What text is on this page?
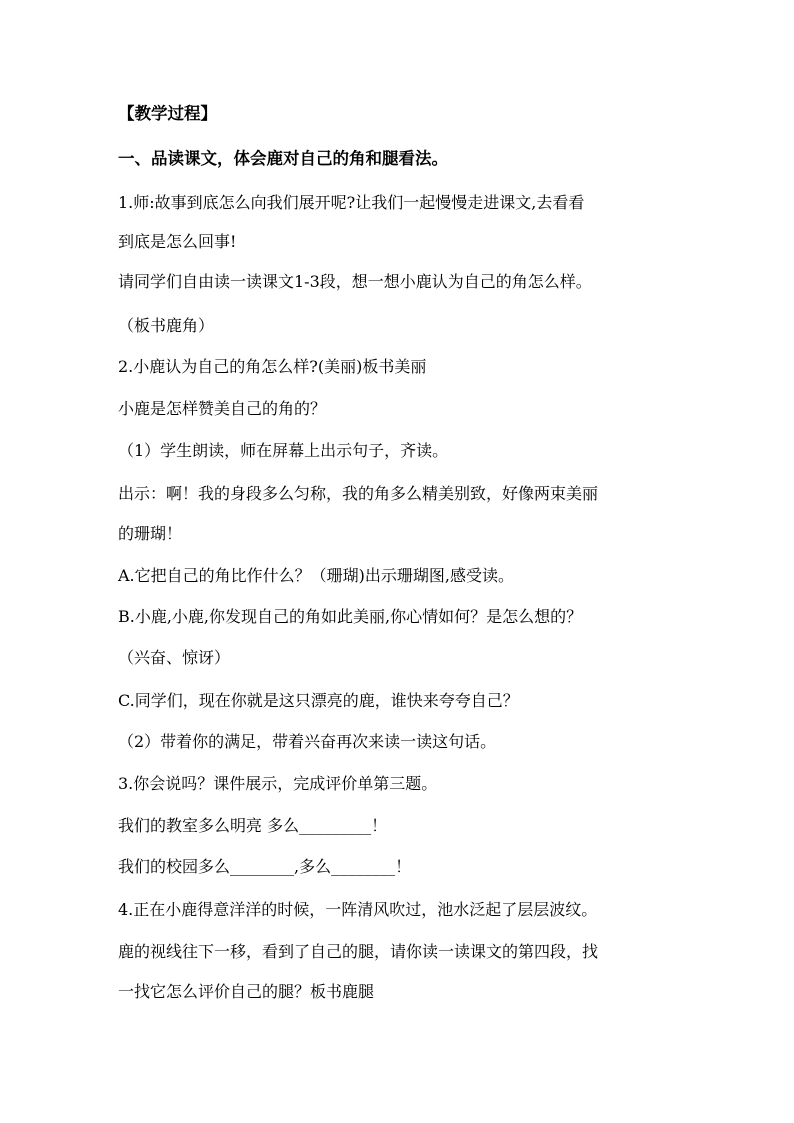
【教学过程】
一、品读课文，体会鹿对自己的角和腿看法。
1.师:故事到底怎么向我们展开呢?让我们一起慢慢走进课文,去看看
到底是怎么回事!
请同学们自由读一读课文1-3段，想一想小鹿认为自己的角怎么样。
（板书鹿角）
2.小鹿认为自己的角怎么样?(美丽)板书美丽
小鹿是怎样赞美自己的角的？
（1）学生朗读，师在屏幕上出示句子，齐读。
出示：啊！我的身段多么匀称，我的角多么精美别致，好像两束美丽
的珊瑚！
A.它把自己的角比作什么？（珊瑚)出示珊瑚图,感受读。
B.小鹿,小鹿,你发现自己的角如此美丽,你心情如何？是怎么想的？
（兴奋、惊讶）
C.同学们，现在你就是这只漂亮的鹿，谁快来夸夸自己？
（2）带着你的满足，带着兴奋再次来读一读这句话。
3.你会说吗？课件展示，完成评价单第三题。
我们的教室多么明亮 多么_________！
我们的校园多么________,多么________！
4.正在小鹿得意洋洋的时候，一阵清风吹过，池水泛起了层层波纹。
鹿的视线往下一移，看到了自己的腿，请你读一读课文的第四段，找
一找它怎么评价自己的腿？板书鹿腿
